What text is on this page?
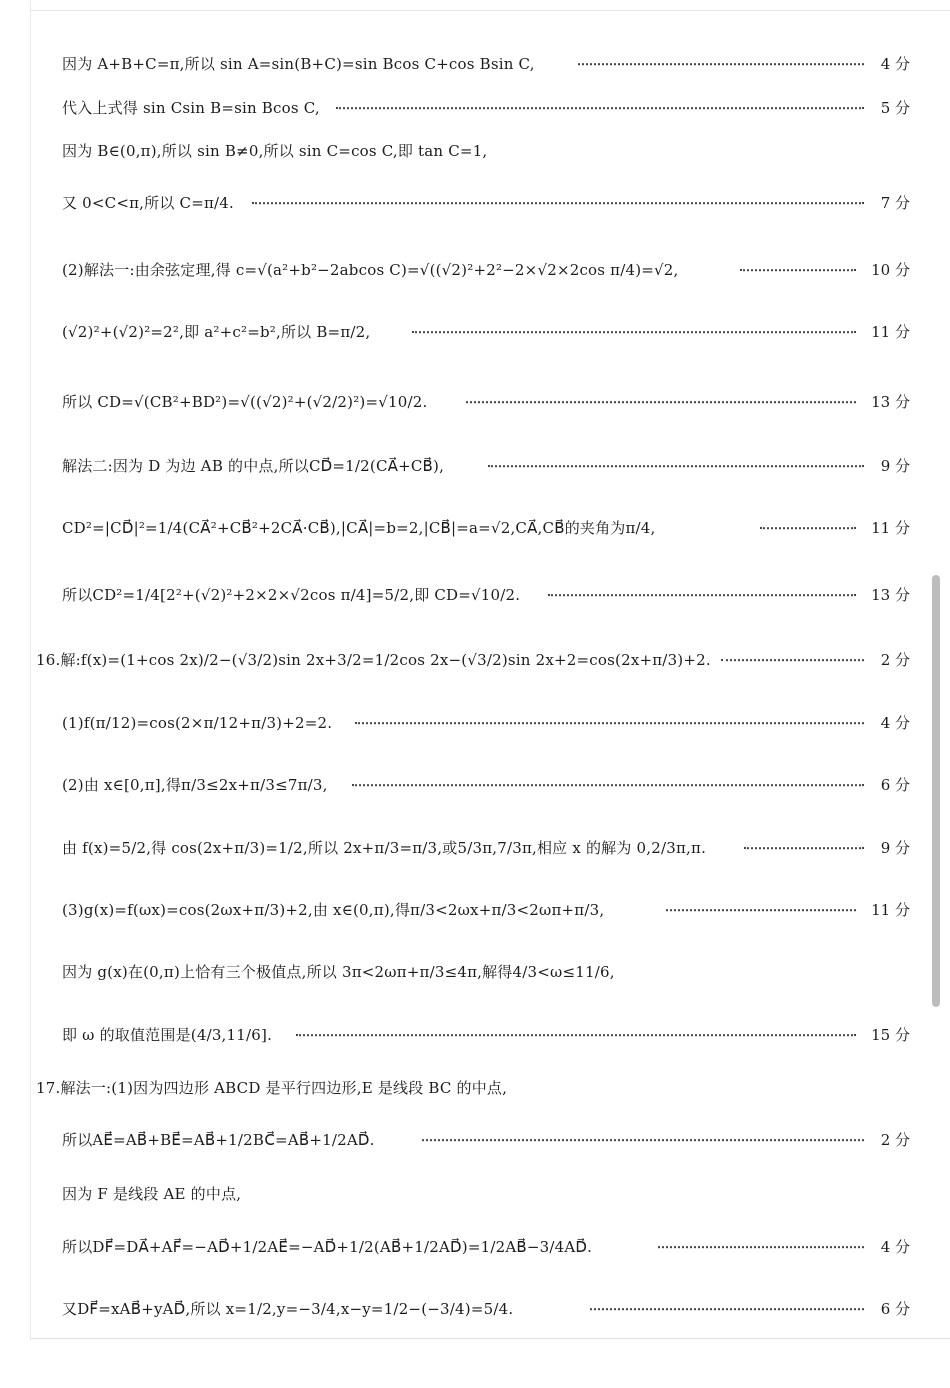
因为 A+B+C=π,所以 sin A=sin(B+C)=sin Bcos C+cos Bsin C,	4 分
代入上式得 sin Csin B=sin Bcos C,	5 分
因为 B∈(0,π),所以 sin B≠0,所以 sin C=cos C,即 tan C=1,
又 0<C<π,所以 C=π/4.	7 分
(2)解法一:由余弦定理,得 c=√(a²+b²−2abcos C)=√((√2)²+2²−2×√2×2cos π/4)=√2,	10 分
(√2)²+(√2)²=2²,即 a²+c²=b²,所以 B=π/2,	11 分
所以 CD=√(CB²+BD²)=√((√2)²+(√2/2)²)=√10/2.	13 分
解法二:因为 D 为边 AB 的中点,所以CD⃗=1/2(CA⃗+CB⃗),	9 分
CD²=|CD⃗|²=1/4(CA⃗²+CB⃗²+2CA⃗·CB⃗),|CA⃗|=b=2,|CB⃗|=a=√2,CA⃗,CB⃗的夹角为π/4,	11 分
所以CD²=1/4[2²+(√2)²+2×2×√2cos π/4]=5/2,即 CD=√10/2.	13 分
16.解:f(x)=(1+cos 2x)/2−(√3/2)sin 2x+3/2=1/2cos 2x−(√3/2)sin 2x+2=cos(2x+π/3)+2.	2 分
(1)f(π/12)=cos(2×π/12+π/3)+2=2.	4 分
(2)由 x∈[0,π],得π/3≤2x+π/3≤7π/3,	6 分
由 f(x)=5/2,得 cos(2x+π/3)=1/2,所以 2x+π/3=π/3,或5/3π,7/3π,相应 x 的解为 0,2/3π,π.	9 分
(3)g(x)=f(ωx)=cos(2ωx+π/3)+2,由 x∈(0,π),得π/3<2ωx+π/3<2ωπ+π/3,	11 分
因为 g(x)在(0,π)上恰有三个极值点,所以 3π<2ωπ+π/3≤4π,解得4/3<ω≤11/6,
即 ω 的取值范围是(4/3,11/6].	15 分
17.解法一:(1)因为四边形 ABCD 是平行四边形,E 是线段 BC 的中点,
所以AE⃗=AB⃗+BE⃗=AB⃗+1/2BC⃗=AB⃗+1/2AD⃗.	2 分
因为 F 是线段 AE 的中点,
所以DF⃗=DA⃗+AF⃗=−AD⃗+1/2AE⃗=−AD⃗+1/2(AB⃗+1/2AD⃗)=1/2AB⃗−3/4AD⃗.	4 分
又DF⃗=xAB⃗+yAD⃗,所以 x=1/2,y=−3/4,x−y=1/2−(−3/4)=5/4.	6 分
